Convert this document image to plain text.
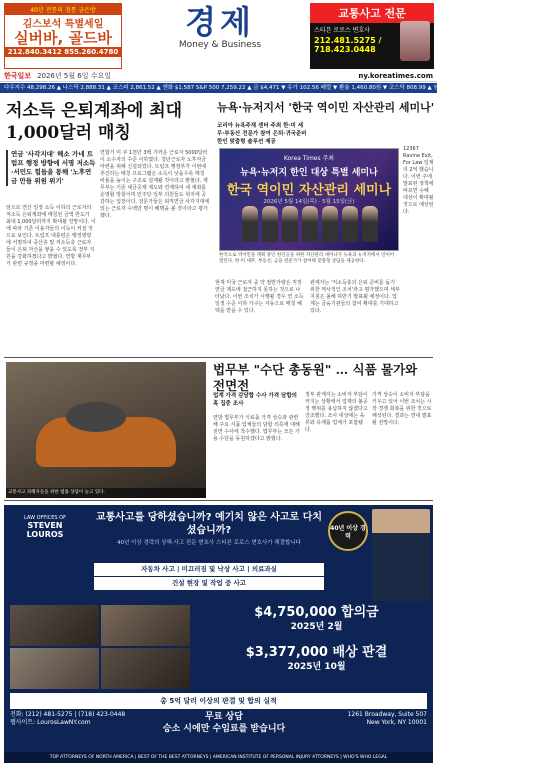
40년 전통의 정통 금은방
김스보석 특별세일
실버바, 골드바
212.840.3412 855.260.4780
경제
Money & Business
교통사고 전문
스티븐 로로스 변호사
212.481.5275 / 718.423.0448
한국일보 2026년 5월 6일 수요일	ny.koreatimes.com
다우지수 48,298.26 ▲ 나스닥 2,888.31 ▲ 코스피 2,861.52 ▲ 엔화 $1,587 S&P 500 7,259.22 ▲ 금 $4,471 ▼ 유가 102.56 배럴 ▼ 환율 1,460.80원 ▼ 코스닥 808.99 ▲ 원 $338.12 ▼ 코스닥 1,213.34 ▲ 21.39
저소득 은퇴계좌에 최대 1,000달러 매칭
연금 '사각지대' 해소 가네 트럼프 행정 방향에 서명 저소득·서민도 힘들을 통해 '노후연금 만들 위원 위기'
앞으로 연간 일정 소득 이하의 근로자의 저소득 은퇴계좌에 매칭된 금액 한도가 최대 1,000달러까지 확대될 전망이다. 이에 따라 기존 이용자들의 이득이 커질 것으로 보인다. 트럼프 대통령은 행정명령에 서명하여 중산층 및 저소득층 근로자들이 은퇴 자산을 쌓을 수 있도록 정부 지원을 강화하겠다고 밝혔다. 연방 재무부가 관련 규정을 마련할 예정이다.
연합기 미 쿠 1천만 3백 가까운 근로자 5000달러 이 소수자의 수준 이하였다. 청년근로자 노후자금 마련을 위해 신설되었다. 트럼프 행정부가 이번에 추진하는 매칭 프로그램은 소득이 낮을수록 매칭 비율을 높이는 구조로 설계될 것이라고 밝혔다. 재무부는 기존 세금공제 제도와 연계하여 새 계좌를 운영할 방침이며 민주당 일부 의원들도 취지에 공감하는 입장이다. 전문가들은 퇴직연금 사각지대에 있는 근로자 수백만 명이 혜택을 볼 것이라고 평가했다.
현재 미국 근로자 중 약 절반가량은 직장 연금 제도에 접근하지 못하는 것으로 나타났다. 이번 조치가 시행될 경우 연 소득 일정 수준 이하 가구는 자동으로 매칭 혜택을 받을 수 있다.
관계자는 '저소득층의 은퇴 준비를 돕기 위한 역사적인 조치'라고 평가했으며 세부 지침은 올해 하반기 발표될 예정이다. 업계는 금융기관들의 참여 확대를 기대하고 있다.
12367 Ravine Exit, For Law 일제리 2억 했습니다. 이번 주에 발표된 정책에 따르면 수혜 대상이 확대될 것으로 예상된다.
뉴욕·뉴저지서 '한국 역이민 자산관리 세미나'
코리아 뉴욕주재 센터 주최 한·미 세무·부동산 전문가 참여 은퇴·귀국준비 한인 맞춤형 솔루션 제공
Korea Times 주최
뉴욕·뉴저지 한인 대상 특별 세미나
한국 역이민 자산관리 세미나
2026년 5월 14일(목) · 5월 15일(금)
한국으로 역이민을 계획 중인 한인들을 위한 자산관리 세미나가 뉴욕과 뉴저지에서 연이어 열린다. 한·미 세무, 부동산, 금융 전문가가 참여해 맞춤형 상담을 제공한다.
교통사고 피해자들을 위한 법률 상담이 늘고 있다.
법무부 "수단 총동원" … 식품 물가와 전면전
업계 가격 감담합 수사 가격 담합의혹 집중 조사
연방 법무부가 식료품 가격 상승과 관련해 주요 식품 업체들의 담합 의혹에 대해 전면 수사에 착수했다. 법무부는 모든 가용 수단을 동원하겠다고 밝혔다.
정부 관계자는 소비자 부담이 커지는 상황에서 업계의 불공정 행위를 용납하지 않겠다고 강조했다. 조사 대상에는 육류와 유제품 업체가 포함됐다.
가격 상승이 소비자 부담을 키우고 있어 이번 조치는 시장 경쟁 회복을 위한 것으로 해석된다. 결과는 연내 발표될 전망이다.
LAW OFFICES OF
STEVEN LOUROS
교통사고를 당하셨습니까? 예기치 않은 사고로 다치셨습니까?
40년 이상 경력의 상해·사고 전문 변호사 스티븐 로로스 변호사가 해결합니다
40년 이상 경력
자동차 사고 | 미끄러짐 및 낙상 사고 | 의료과실
건설 현장 및 작업 중 사고
$4,750,000 합의금
2025년 2월
$3,377,000 배상 판결
2025년 10월
총 5억 달러 이상의 판결 및 합의 실적
전화: (212) 481-5275 | (718) 423-0448
웹사이트: LourosLawNY.com
무료 상담
승소 시에만 수임료를 받습니다
1261 Broadway, Suite 507
New York, NY 10001
TOP ATTORNEYS OF NORTH AMERICA | BEST OF THE BEST ATTORNEYS | AMERICAN INSTITUTE OF PERSONAL INJURY ATTORNEYS | WHO'S WHO LEGAL
